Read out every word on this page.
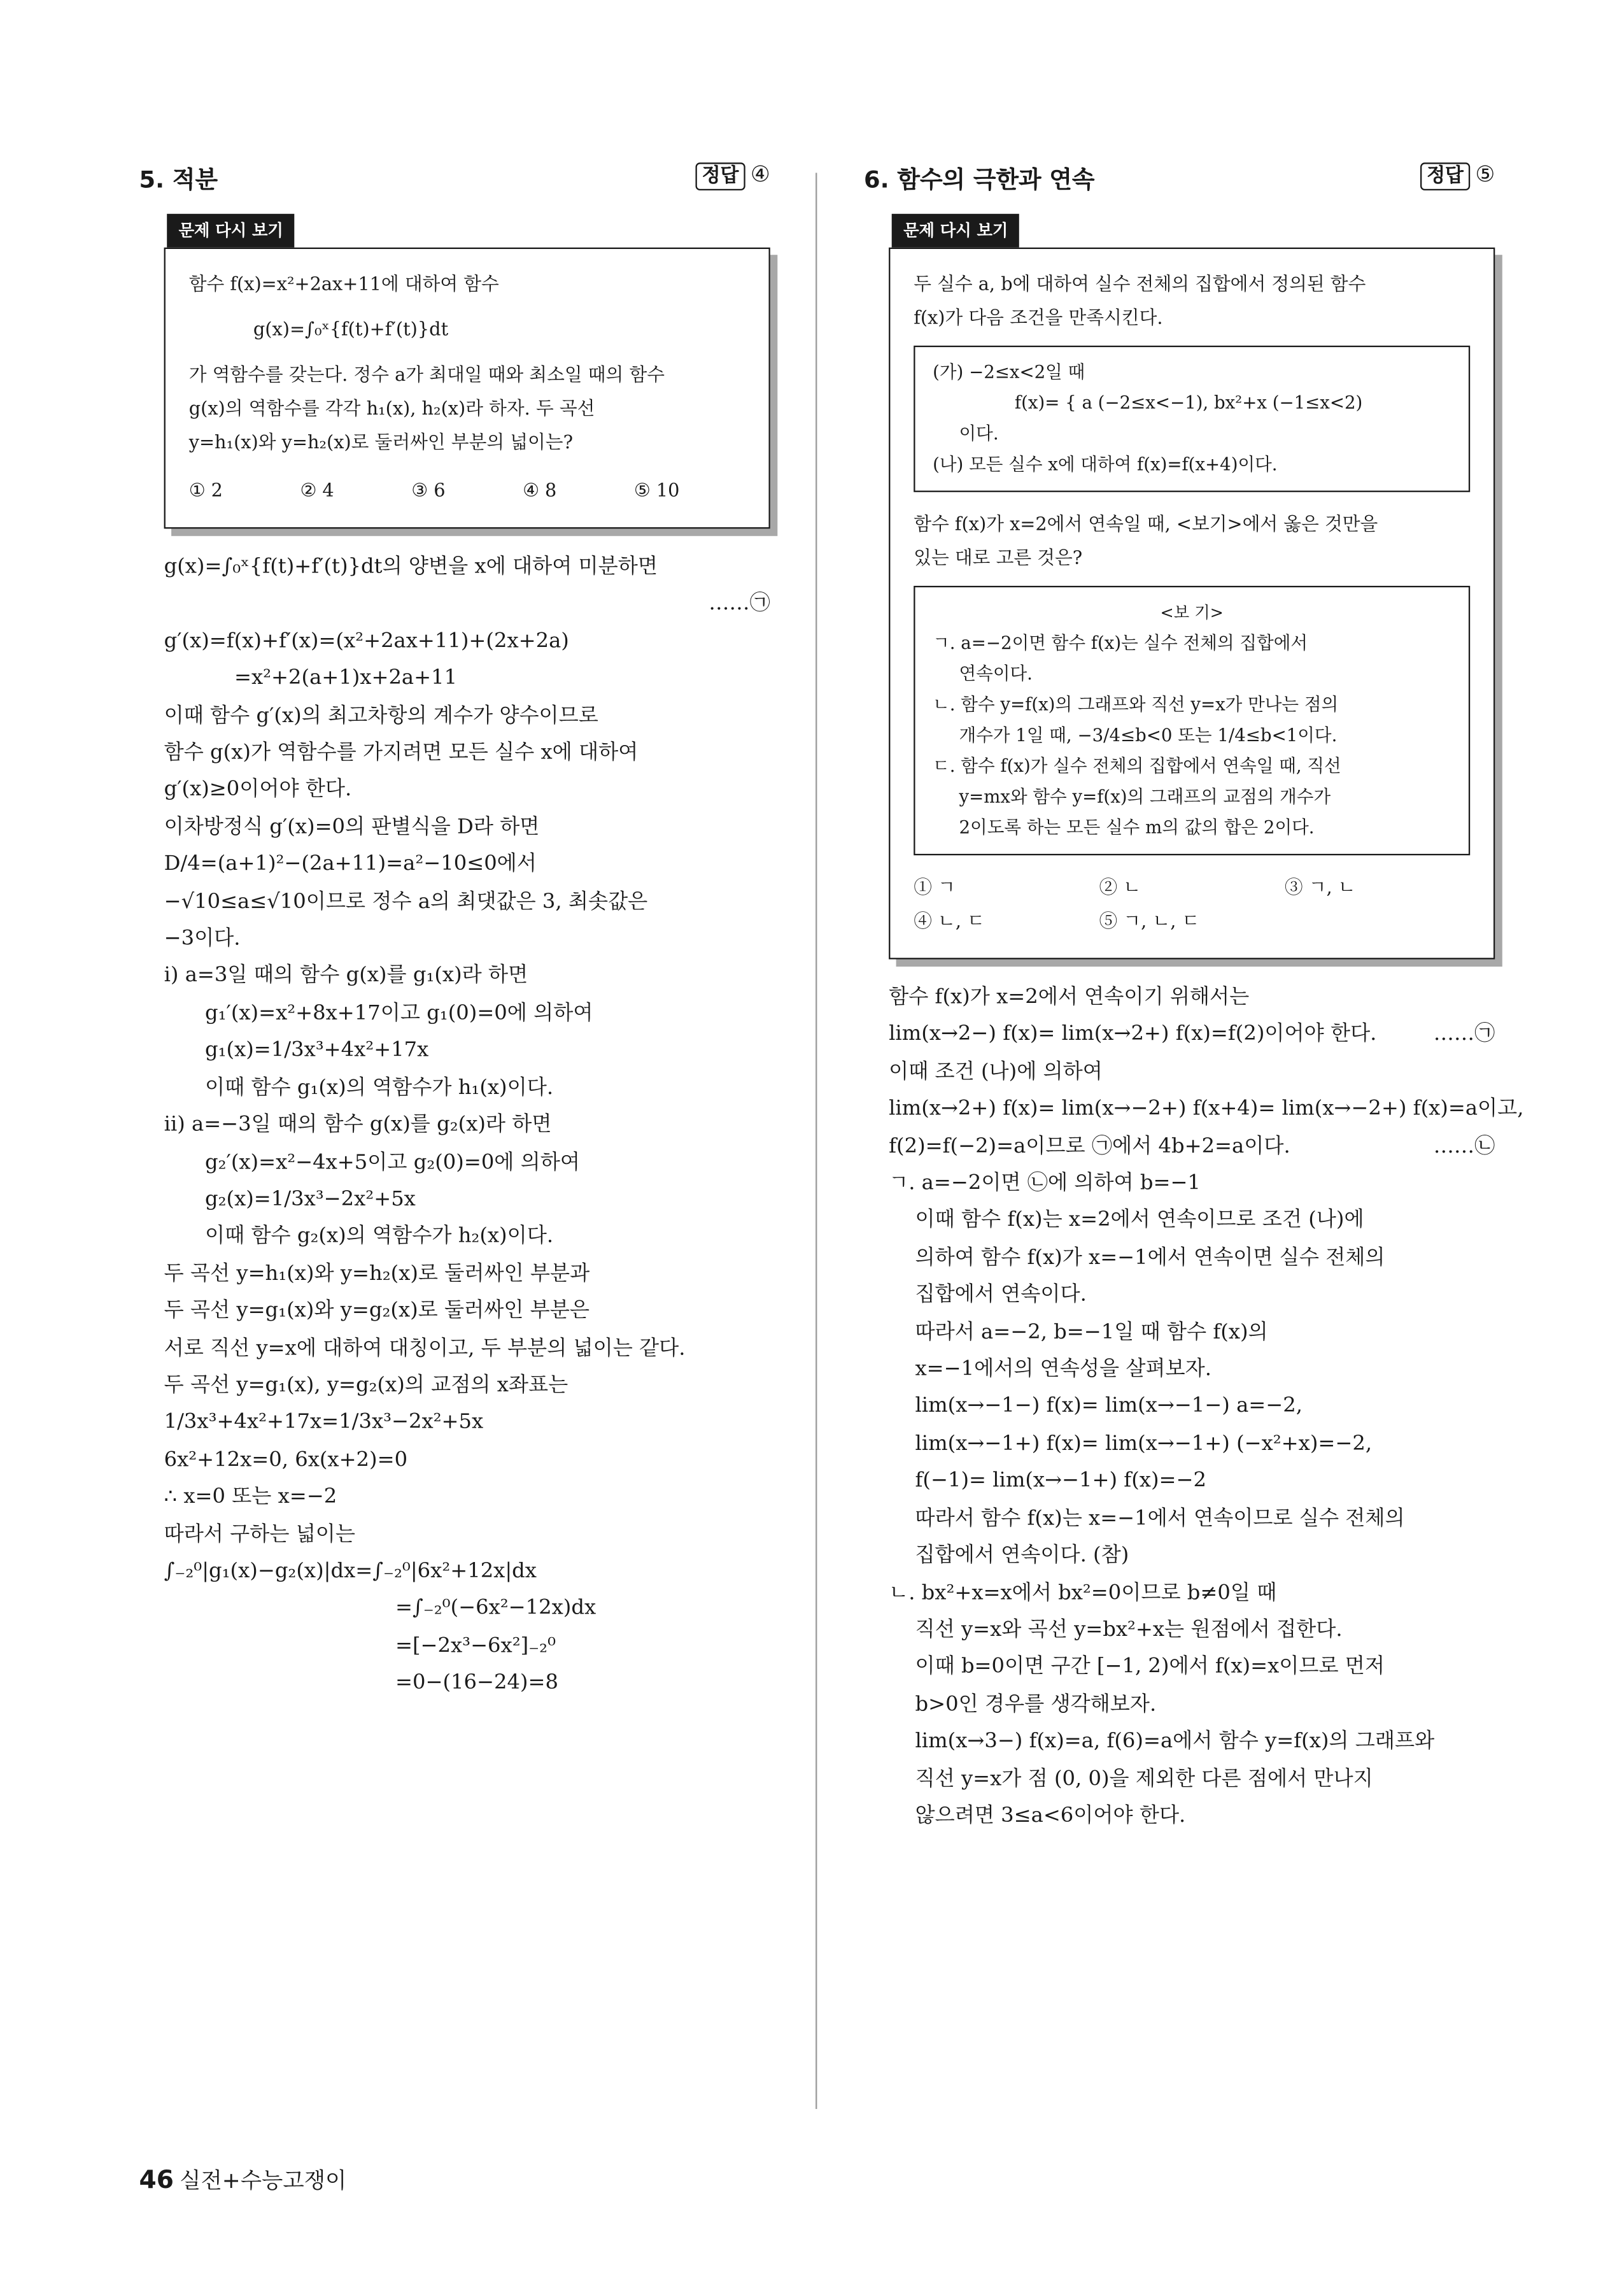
5. 적분	정답 ④
문제 다시 보기

함수 f(x)=x²+2ax+11에 대하여 함수

g(x)=∫₀ˣ{f(t)+f′(t)}dt

가 역함수를 갖는다. 정수 a가 최대일 때와 최소일 때의 함수

g(x)의 역함수를 각각 h₁(x), h₂(x)라 하자. 두 곡선

y=h₁(x)와 y=h₂(x)로 둘러싸인 부분의 넓이는?

① 2	② 4	③ 6	④ 8	⑤ 10

g(x)=∫₀ˣ{f(t)+f′(t)}dt의 양변을 x에 대하여 미분하면

……㉠

g′(x)=f(x)+f′(x)=(x²+2ax+11)+(2x+2a)

=x²+2(a+1)x+2a+11

이때 함수 g′(x)의 최고차항의 계수가 양수이므로

함수 g(x)가 역함수를 가지려면 모든 실수 x에 대하여

g′(x)≥0이어야 한다.

이차방정식 g′(x)=0의 판별식을 D라 하면

D/4=(a+1)²−(2a+11)=a²−10≤0에서

−√10≤a≤√10이므로 정수 a의 최댓값은 3, 최솟값은

−3이다.

ⅰ) a=3일 때의 함수 g(x)를 g₁(x)라 하면

g₁′(x)=x²+8x+17이고 g₁(0)=0에 의하여

g₁(x)=1/3x³+4x²+17x

이때 함수 g₁(x)의 역함수가 h₁(x)이다.

ⅱ) a=−3일 때의 함수 g(x)를 g₂(x)라 하면

g₂′(x)=x²−4x+5이고 g₂(0)=0에 의하여

g₂(x)=1/3x³−2x²+5x

이때 함수 g₂(x)의 역함수가 h₂(x)이다.

두 곡선 y=h₁(x)와 y=h₂(x)로 둘러싸인 부분과

두 곡선 y=g₁(x)와 y=g₂(x)로 둘러싸인 부분은

서로 직선 y=x에 대하여 대칭이고, 두 부분의 넓이는 같다.

두 곡선 y=g₁(x), y=g₂(x)의 교점의 x좌표는

1/3x³+4x²+17x=1/3x³−2x²+5x

6x²+12x=0, 6x(x+2)=0

∴ x=0 또는 x=−2

따라서 구하는 넓이는

∫₋₂⁰|g₁(x)−g₂(x)|dx=∫₋₂⁰|6x²+12x|dx

=∫₋₂⁰(−6x²−12x)dx

=[−2x³−6x²]₋₂⁰

=0−(16−24)=8

6. 함수의 극한과 연속	정답 ⑤
문제 다시 보기

두 실수 a, b에 대하여 실수 전체의 집합에서 정의된 함수

f(x)가 다음 조건을 만족시킨다.

(가) −2≤x<2일 때

f(x)= { a (−2≤x<−1), bx²+x (−1≤x<2)

이다.

(나) 모든 실수 x에 대하여 f(x)=f(x+4)이다.

함수 f(x)가 x=2에서 연속일 때, <보기>에서 옳은 것만을

있는 대로 고른 것은?

<보 기>

ㄱ. a=−2이면 함수 f(x)는 실수 전체의 집합에서

연속이다.

ㄴ. 함수 y=f(x)의 그래프와 직선 y=x가 만나는 점의

개수가 1일 때, −3/4≤b<0 또는 1/4≤b<1이다.

ㄷ. 함수 f(x)가 실수 전체의 집합에서 연속일 때, 직선

y=mx와 함수 y=f(x)의 그래프의 교점의 개수가

2이도록 하는 모든 실수 m의 값의 합은 2이다.

① ㄱ	② ㄴ	③ ㄱ, ㄴ
④ ㄴ, ㄷ	⑤ ㄱ, ㄴ, ㄷ

함수 f(x)가 x=2에서 연속이기 위해서는

lim(x→2−) f(x)= lim(x→2+) f(x)=f(2)이어야 한다.	……㉠

이때 조건 (나)에 의하여

lim(x→2+) f(x)= lim(x→−2+) f(x+4)= lim(x→−2+) f(x)=a이고,

f(2)=f(−2)=a이므로 ㉠에서 4b+2=a이다.	……㉡

ㄱ. a=−2이면 ㉡에 의하여 b=−1

이때 함수 f(x)는 x=2에서 연속이므로 조건 (나)에

의하여 함수 f(x)가 x=−1에서 연속이면 실수 전체의

집합에서 연속이다.

따라서 a=−2, b=−1일 때 함수 f(x)의

x=−1에서의 연속성을 살펴보자.

lim(x→−1−) f(x)= lim(x→−1−) a=−2,

lim(x→−1+) f(x)= lim(x→−1+) (−x²+x)=−2,

f(−1)= lim(x→−1+) f(x)=−2

따라서 함수 f(x)는 x=−1에서 연속이므로 실수 전체의

집합에서 연속이다. (참)

ㄴ. bx²+x=x에서 bx²=0이므로 b≠0일 때

직선 y=x와 곡선 y=bx²+x는 원점에서 접한다.

이때 b=0이면 구간 [−1, 2)에서 f(x)=x이므로 먼저

b>0인 경우를 생각해보자.

lim(x→3−) f(x)=a, f(6)=a에서 함수 y=f(x)의 그래프와

직선 y=x가 점 (0, 0)을 제외한 다른 점에서 만나지

않으려면 3≤a<6이어야 한다.

46 실전+수능고쟁이
